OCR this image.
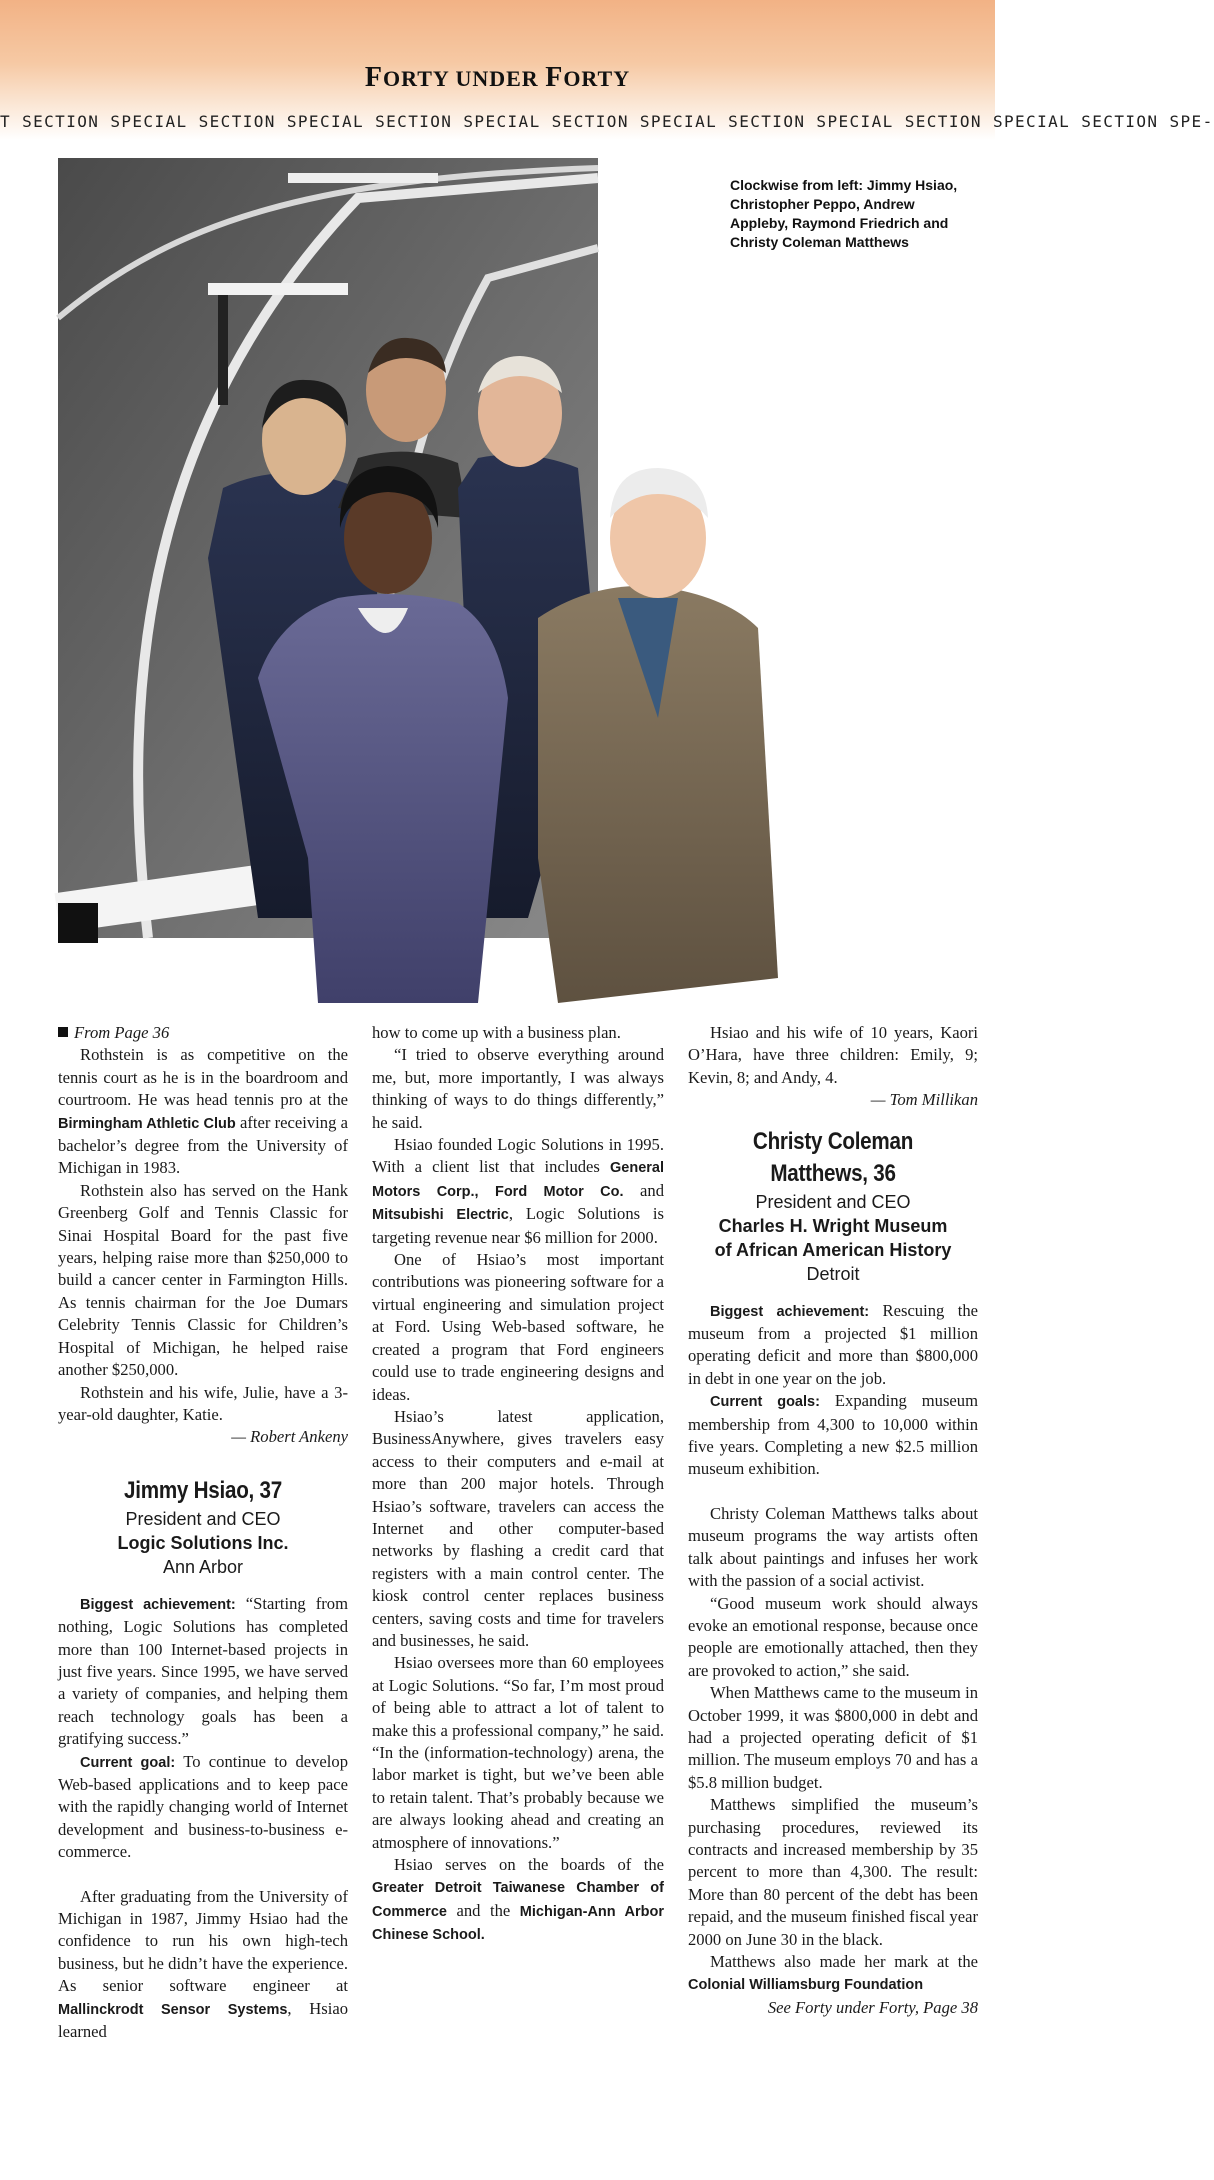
FORTY UNDER FORTY
T SECTION SPECIAL SECTION SPECIAL SECTION SPECIAL SECTION SPECIAL SECTION SPECIAL SECTION SPECIAL SECTION SPE-
Clockwise from left: Jimmy Hsiao, Christopher Peppo, Andrew Appleby, Raymond Friedrich and Christy Coleman Matthews

From Page 36

Rothstein is as competitive on the tennis court as he is in the boardroom and courtroom. He was head tennis pro at the Birmingham Athletic Club after receiving a bachelor’s degree from the University of Michigan in 1983.

Rothstein also has served on the Hank Greenberg Golf and Tennis Classic for Sinai Hospital Board for the past five years, helping raise more than $250,000 to build a cancer center in Farmington Hills. As tennis chairman for the Joe Dumars Celebrity Tennis Classic for Children’s Hospital of Michigan, he helped raise another $250,000.

Rothstein and his wife, Julie, have a 3-year-old daughter, Katie.

— Robert Ankeny

Jimmy Hsiao, 37
President and CEO
Logic Solutions Inc.
Ann Arbor

Biggest achievement: “Starting from nothing, Logic Solutions has completed more than 100 Internet-based projects in just five years. Since 1995, we have served a variety of companies, and helping them reach technology goals has been a gratifying success.”

Current goal: To continue to develop Web-based applications and to keep pace with the rapidly changing world of Internet development and business-to-business e-commerce.

After graduating from the University of Michigan in 1987, Jimmy Hsiao had the confidence to run his own high-tech business, but he didn’t have the experience. As senior software engineer at Mallinckrodt Sensor Systems, Hsiao learned

how to come up with a business plan.

“I tried to observe everything around me, but, more importantly, I was always thinking of ways to do things differently,” he said.

Hsiao founded Logic Solutions in 1995. With a client list that includes General Motors Corp., Ford Motor Co. and Mitsubishi Electric, Logic Solutions is targeting revenue near $6 million for 2000.

One of Hsiao’s most important contributions was pioneering software for a virtual engineering and simulation project at Ford. Using Web-based software, he created a program that Ford engineers could use to trade engineering designs and ideas.

Hsiao’s latest application, BusinessAnywhere, gives travelers easy access to their computers and e-mail at more than 200 major hotels. Through Hsiao’s software, travelers can access the Internet and other computer-based networks by flashing a credit card that registers with a main control center. The kiosk control center replaces business centers, saving costs and time for travelers and businesses, he said.

Hsiao oversees more than 60 employees at Logic Solutions. “So far, I’m most proud of being able to attract a lot of talent to make this a professional company,” he said. “In the (information-technology) arena, the labor market is tight, but we’ve been able to retain talent. That’s probably because we are always looking ahead and creating an atmosphere of innovations.”

Hsiao serves on the boards of the Greater Detroit Taiwanese Chamber of Commerce and the Michigan-Ann Arbor Chinese School.

Hsiao and his wife of 10 years, Kaori O’Hara, have three children: Emily, 9; Kevin, 8; and Andy, 4.

— Tom Millikan

Christy Coleman Matthews, 36
President and CEO
Charles H. Wright Museum
of African American History
Detroit

Biggest achievement: Rescuing the museum from a projected $1 million operating deficit and more than $800,000 in debt in one year on the job.

Current goals: Expanding museum membership from 4,300 to 10,000 within five years. Completing a new $2.5 million museum exhibition.

Christy Coleman Matthews talks about museum programs the way artists often talk about paintings and infuses her work with the passion of a social activist.

“Good museum work should always evoke an emotional response, because once people are emotionally attached, then they are provoked to action,” she said.

When Matthews came to the museum in October 1999, it was $800,000 in debt and had a projected operating deficit of $1 million. The museum employs 70 and has a $5.8 million budget.

Matthews simplified the museum’s purchasing procedures, reviewed its contracts and increased membership by 35 percent to more than 4,300. The result: More than 80 percent of the debt has been repaid, and the museum finished fiscal year 2000 on June 30 in the black.

Matthews also made her mark at the Colonial Williamsburg Foundation

See Forty under Forty, Page 38
